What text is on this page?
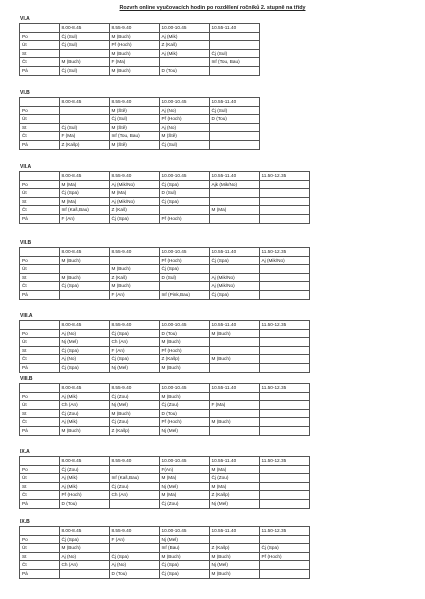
Rozvrh online vyučovacích hodin po rozdělení ročníků 2. stupně na třídy
VI.A
	8.00-8.45	8.55-9.40	10.00-10.45	10.55-11.40
Po	Čj (Sul)	M (Buch)	Aj (Mik)	
Út	Čj (Sul)	Př (Hoch)	Z (Kaš)	
St		M (Buch)	Aj (Mik)	Čj (Sul)
Čt	M (Buch)	F (Ma)		Inf (Tou, Bau)
Pá	Čj (Sul)	M (Buch)	D (Tou)	
VI.B
	8.00-8.45	8.55-9.40	10.00-10.45	10.55-11.40
Po		M (Ště)	Aj (No)	Čj (Sul)
Út		Čj (Sul)	Př (Hoch)	D (Tou)
St	Čj (Sul)	M (Ště)	Aj (No)	
Čt	F (Ma)	Inf (Tou, Bau)	M (Ště)	
Pá	Z (Kašp)	M (Ště)	Čj (Sul)	
VII.A
	8.00-8.45	8.55-9.40	10.00-10.45	10.55-11.40	11.50-12.35
Po	M (Ma)	Aj (Mik/No)	Čj (Spa)	Ajk (Mik/No)	
Út	Čj (Spa)	M (Ma)	D (Sul)		
St	M (Ma)	Aj (Mik/No)	Čj (Spa)		
Čt	Inf (Kaš,Bau)	Z (Kaš)		M (Ma)	
Pá	F (An)	Čj (Spa)	Př (Hoch)		
VII.B
	8.00-8.45	8.55-9.40	10.00-10.45	10.55-11.40	11.50-12.35
Po	M (Buch)		Př (Hoch)	Čj (Spa)	Aj (Mik/No)
Út		M (Buch)	Čj (Spa)		
St	M (Buch)	Z (Kaš)	D (Sul)	Aj (Mik/No)	
Čt	Čj (Spa)	M (Buch)		Aj (Mik/No)	
Pá		F (An)	Inf (Pink,Bau)	Čj (Spa)	
VIII.A
	8.00-8.45	8.55-9.40	10.00-10.45	10.55-11.40	11.50-12.35
Po	Aj (No)	Čj (Spa)	D (Tou)	M (Buch)	
Út	Nj (Mel)	Ch (An)	M (Buch)		
St	Čj (Spa)	F (An)	Př (Hoch)		
Čt	Aj (No)	Čj (Spa)	Z (Kašp)	M (Buch)	
Pá	Čj (Spa)	Nj (Mel)	M (Buch)		
VIII.B
	8.00-8.45	8.55-9.40	10.00-10.45	10.55-11.40	11.50-12.35
Po	Aj (Mik)	Čj (Zou)	M (Buch)		
Út	Ch (An)	Nj (Mel)	Čj (Zou)	F (Ma)	
St	Čj (Zou)	M (Buch)	D (Tou)		
Čt	Aj (Mik)	Čj (Zou)	Př (Hoch)	M (Buch)	
Pá	M (Buch)	Z (Kašp)	Nj (Mel)		
IX.A
	8.00-8.45	8.55-9.40	10.00-10.45	10.55-11.40	11.50-12.35
Po	Čj (Zou)		F(An)	M (Ma)	
Út	Aj (Mik)	Inf (Kaš,Bau)	M (Ma)	Čj (Zou)	
St	Aj (Mik)	Čj (Zou)	Nj (Mel)	M (Ma)	
Čt	Př (Hoch)	Ch (An)	M (Ma)	Z (Kašp)	
Pá	D (Tou)		Čj (Zou)	Nj (Mel)	
IX.B
	8.00-8.45	8.55-9.40	10.00-10.45	10.55-11.40	11.50-12.35
Po	Čj (Spa)	F (An)	Nj (Mel)		
Út	M (Buch)		Inf (Bau)	Z (Kašp)	Čj (Spa)
St	Aj (No)	Čj (Spa)	M (Buch)	M (Buch)	Př (Hoch)
Čt	Ch (An)	Aj (No)	Čj (Spa)	Nj (Mel)	
Pá		D (Tou)	Čj (Spa)	M (Buch)	
